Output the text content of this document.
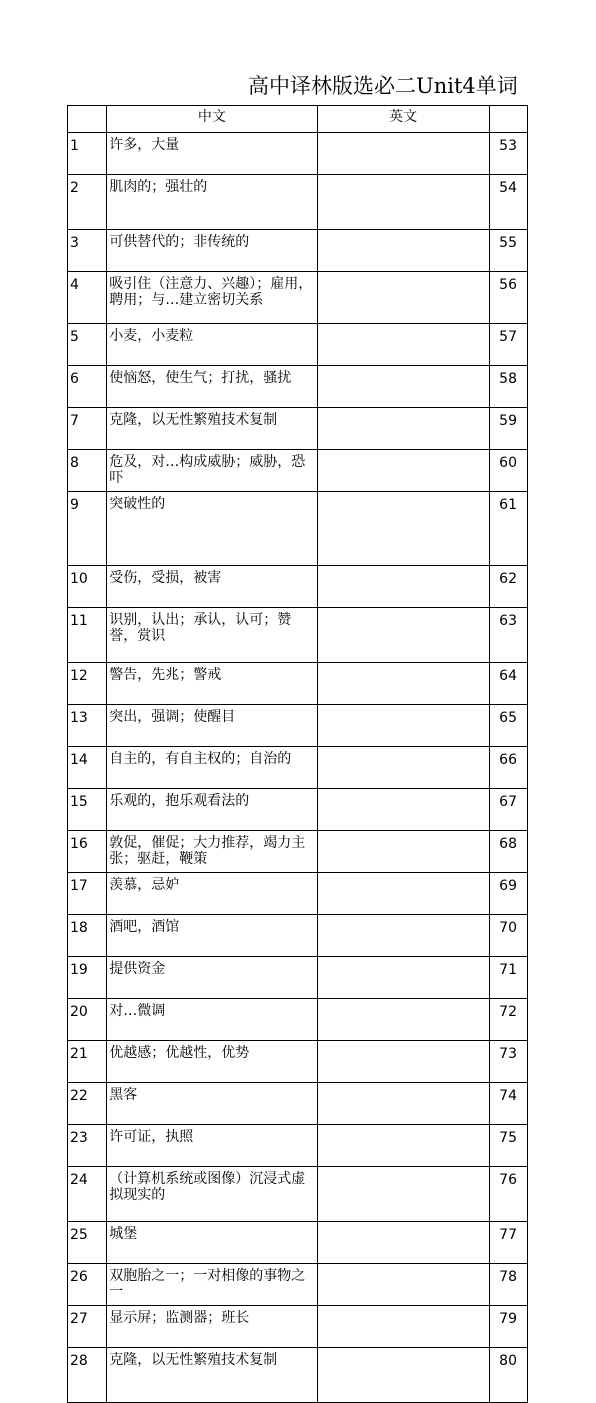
高中译林版选必二Unit4单词
	中文	英文	
1	许多，大量		53
2	肌肉的；强壮的		54
3	可供替代的；非传统的		55
4	吸引住（注意力、兴趣）；雇用，聘用；与…建立密切关系		56
5	小麦，小麦粒		57
6	使恼怒，使生气；打扰，骚扰		58
7	克隆，以无性繁殖技术复制		59
8	危及，对…构成威胁；威胁，恐吓		60
9	突破性的		61
10	受伤，受损，被害		62
11	识别，认出；承认，认可；赞誉，赏识		63
12	警告，先兆；警戒		64
13	突出，强调；使醒目		65
14	自主的，有自主权的；自治的		66
15	乐观的，抱乐观看法的		67
16	敦促，催促；大力推荐，竭力主张；驱赶，鞭策		68
17	羡慕，忌妒		69
18	酒吧，酒馆		70
19	提供资金		71
20	对…微调		72
21	优越感；优越性，优势		73
22	黑客		74
23	许可证，执照		75
24	（计算机系统或图像）沉浸式虚拟现实的		76
25	城堡		77
26	双胞胎之一；一对相像的事物之一		78
27	显示屏；监测器；班长		79
28	克隆，以无性繁殖技术复制		80
